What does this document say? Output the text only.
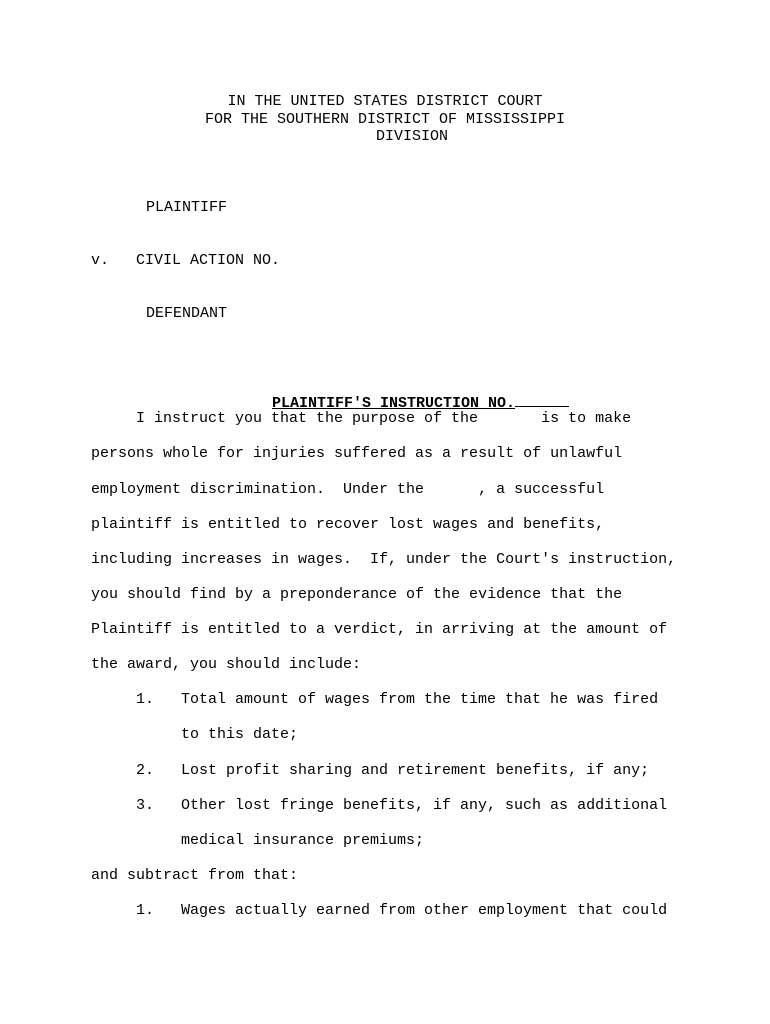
IN THE UNITED STATES DISTRICT COURT
FOR THE SOUTHERN DISTRICT OF MISSISSIPPI
DIVISION
PLAINTIFF
v. CIVIL ACTION NO.
DEFENDANT

PLAINTIFF'S INSTRUCTION NO.

I instruct you that the purpose of the       is to make
persons whole for injuries suffered as a result of unlawful
employment discrimination.  Under the      , a successful
plaintiff is entitled to recover lost wages and benefits,
including increases in wages.  If, under the Court's instruction,
you should find by a preponderance of the evidence that the
Plaintiff is entitled to a verdict, in arriving at the amount of
the award, you should include:
1. Total amount of wages from the time that he was fired
to this date;
2. Lost profit sharing and retirement benefits, if any;
3. Other lost fringe benefits, if any, such as additional
medical insurance premiums;
and subtract from that:
1. Wages actually earned from other employment that could
